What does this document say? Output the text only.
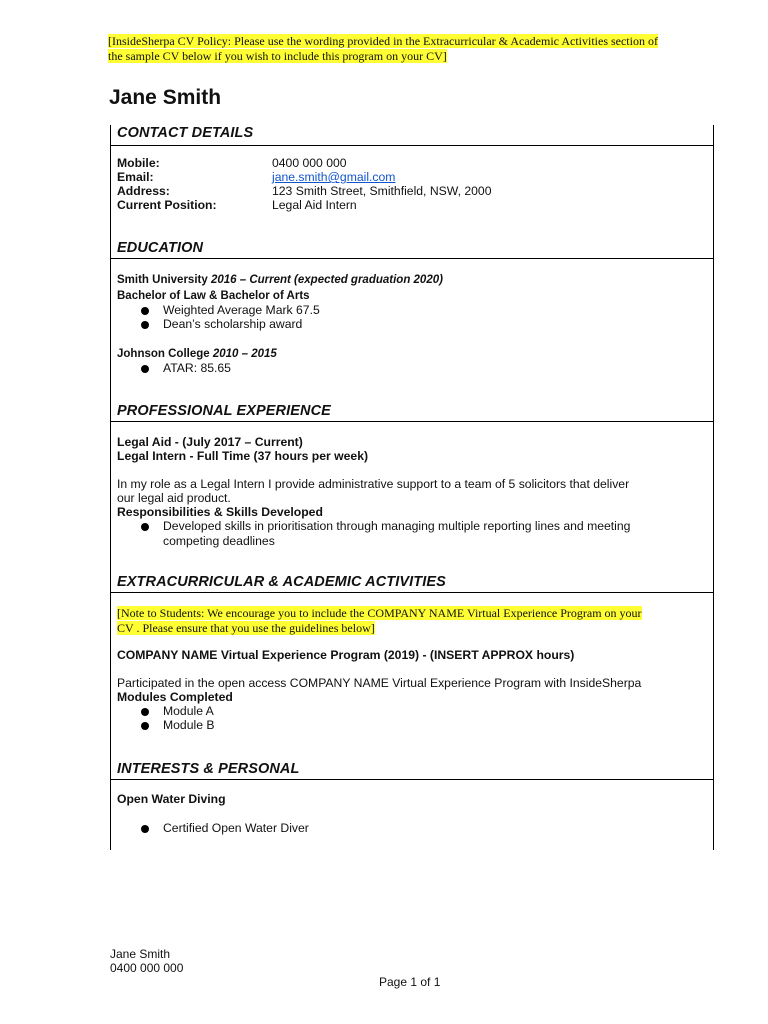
[InsideSherpa CV Policy: Please use the wording provided in the Extracurricular & Academic Activities section of
the sample CV below if you wish to include this program on your CV]
Jane Smith
CONTACT DETAILS
Mobile:	0400 000 000
Email:	jane.smith@gmail.com
Address:	123 Smith Street, Smithfield, NSW, 2000
Current Position:	Legal Aid Intern
EDUCATION
Smith University 2016 – Current (expected graduation 2020)
Bachelor of Law & Bachelor of Arts
Weighted Average Mark 67.5
Dean’s scholarship award
Johnson College 2010 – 2015
ATAR: 85.65
PROFESSIONAL EXPERIENCE
Legal Aid - (July 2017 – Current)
Legal Intern - Full Time (37 hours per week)
In my role as a Legal Intern I provide administrative support to a team of 5 solicitors that deliver
our legal aid product.
Responsibilities & Skills Developed
Developed skills in prioritisation through managing multiple reporting lines and meeting
competing deadlines
EXTRACURRICULAR & ACADEMIC ACTIVITIES
[Note to Students: We encourage you to include the COMPANY NAME Virtual Experience Program on your
CV . Please ensure that you use the guidelines below]
COMPANY NAME Virtual Experience Program (2019) - (INSERT APPROX hours)
Participated in the open access COMPANY NAME Virtual Experience Program with InsideSherpa
Modules Completed
Module A
Module B
INTERESTS & PERSONAL
Open Water Diving
Certified Open Water Diver
Jane Smith
0400 000 000
Page 1 of 1
